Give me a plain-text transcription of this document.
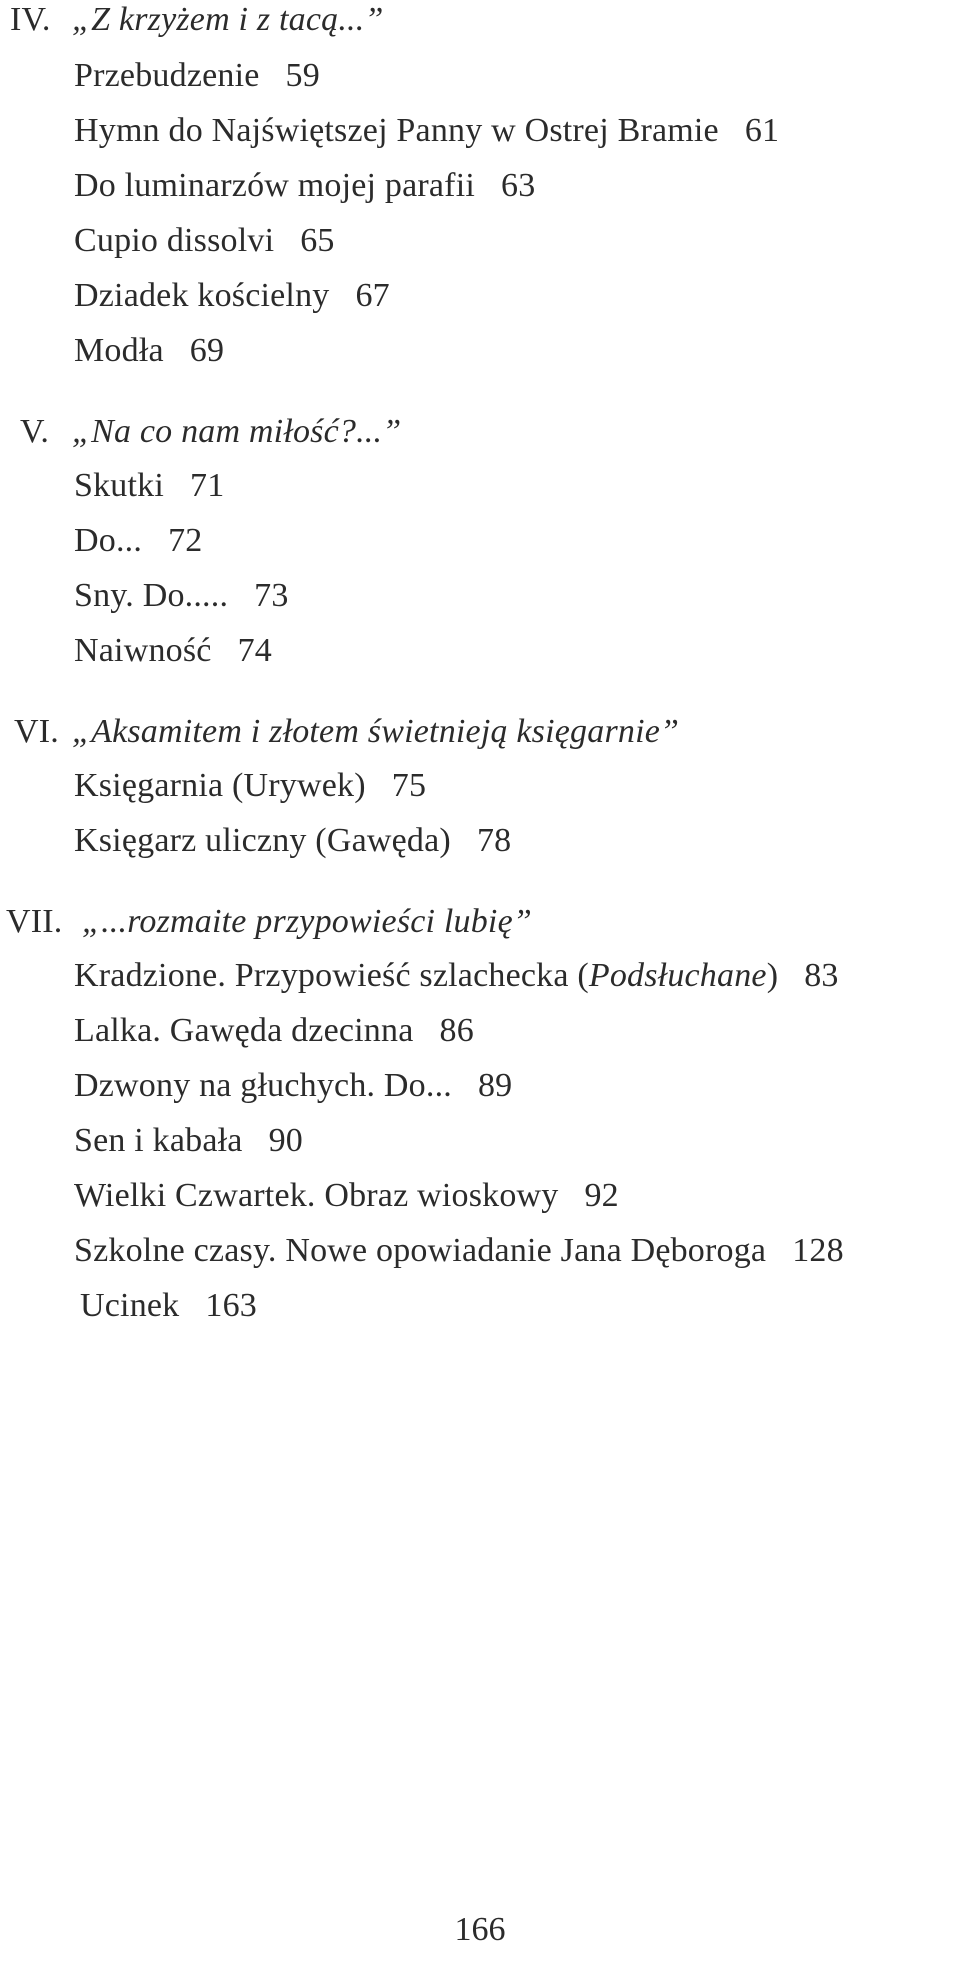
IV. „Z krzyżem i z tacą...”
Przebudzenie 59
Hymn do Najświętszej Panny w Ostrej Bramie 61
Do luminarzów mojej parafii 63
Cupio dissolvi 65
Dziadek kościelny 67
Modła 69
V. „Na co nam miłość?...”
Skutki 71
Do... 72
Sny. Do..... 73
Naiwność 74
VI. „Aksamitem i złotem świetnieją księgarnie”
Księgarnia (Urywek) 75
Księgarz uliczny (Gawęda) 78
VII. „...rozmaite przypowieści lubię”
Kradzione. Przypowieść szlachecka (Podsłuchane) 83
Lalka. Gawęda dzecinna 86
Dzwony na głuchych. Do... 89
Sen i kabała 90
Wielki Czwartek. Obraz wioskowy 92
Szkolne czasy. Nowe opowiadanie Jana Dęboroga 128
Ucinek 163
166
